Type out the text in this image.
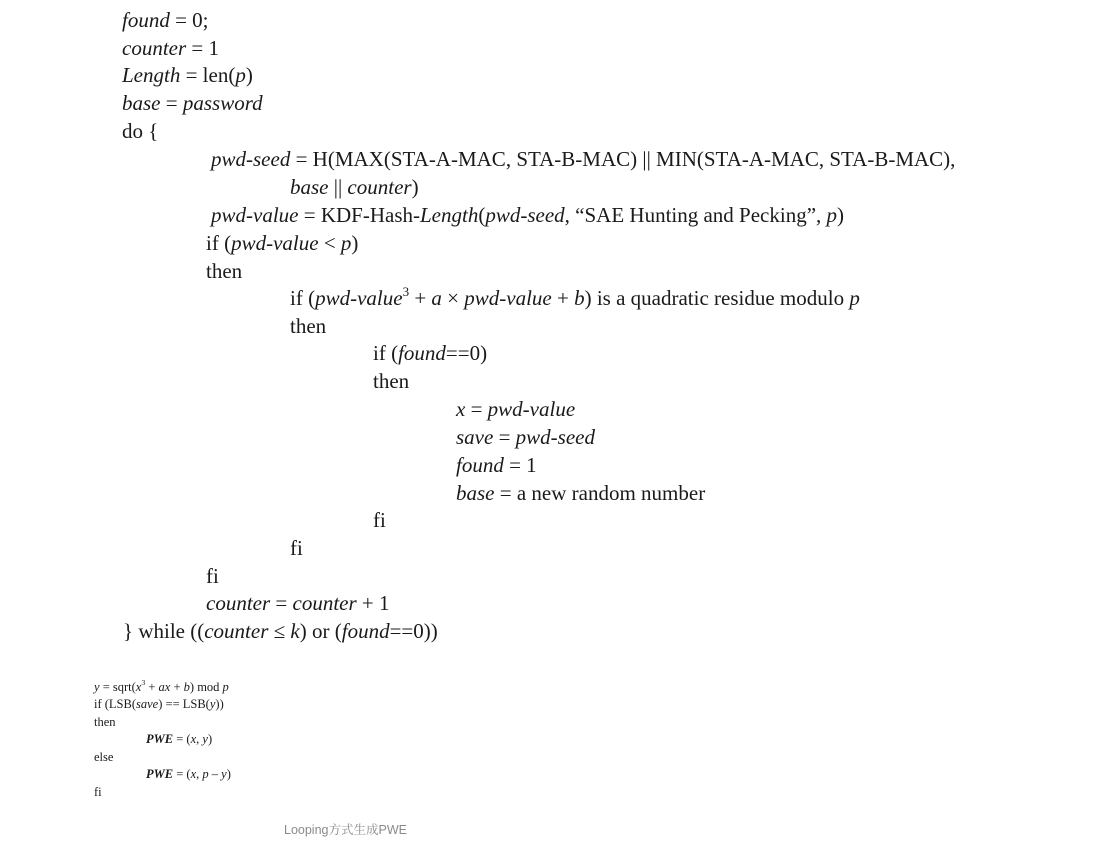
found = 0;
counter = 1
Length = len(p)
base = password
do {
pwd-seed = H(MAX(STA-A-MAC, STA-B-MAC) || MIN(STA-A-MAC, STA-B-MAC),
base || counter)
pwd-value = KDF-Hash-Length(pwd-seed, “SAE Hunting and Pecking”, p)
if (pwd-value < p)
then
if (pwd-value$^3$ + a × pwd-value + b) is a quadratic residue modulo p
then
if (found==0)
then
x = pwd-value
save = pwd-seed
found = 1
base = a new random number
fi
fi
fi
counter = counter + 1
} while ((counter ≤ k) or (found==0))
$y = sqrt(x^3$ + ax + b) mod p
if (LSB(save) == LSB(y))
then
PWE = (x, y)
else
PWE = (x, p – y)
fi
Looping方式生成PWE
